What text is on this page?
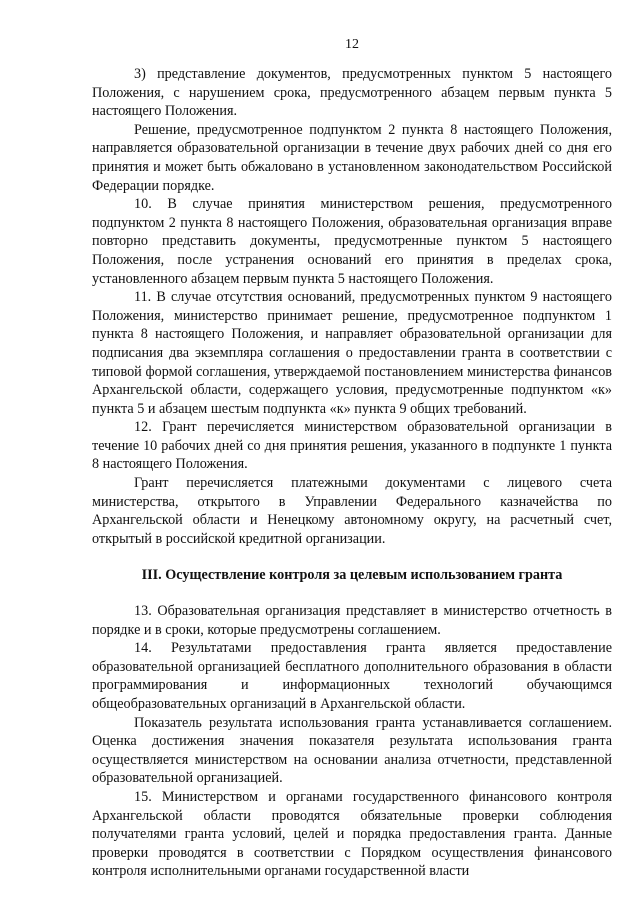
12

3) представление документов, предусмотренных пунктом 5 настоящего Положения, с нарушением срока, предусмотренного абзацем первым пункта 5 настоящего Положения.

Решение, предусмотренное подпунктом 2 пункта 8 настоящего Положения, направляется образовательной организации в течение двух рабочих дней со дня его принятия и может быть обжаловано в установленном законодательством Российской Федерации порядке.

10. В случае принятия министерством решения, предусмотренного подпунктом 2 пункта 8 настоящего Положения, образовательная организация вправе повторно представить документы, предусмотренные пунктом 5 настоящего Положения, после устранения оснований его принятия в пределах срока, установленного абзацем первым пункта 5 настоящего Положения.

11. В случае отсутствия оснований, предусмотренных пунктом 9 настоящего Положения, министерство принимает решение, предусмотренное подпунктом 1 пункта 8 настоящего Положения, и направляет образовательной организации для подписания два экземпляра соглашения о предоставлении гранта в соответствии с типовой формой соглашения, утверждаемой постановлением министерства финансов Архангельской области, содержащего условия, предусмотренные подпунктом «к» пункта 5 и абзацем шестым подпункта «к» пункта 9 общих требований.

12. Грант перечисляется министерством образовательной организации в течение 10 рабочих дней со дня принятия решения, указанного в подпункте 1 пункта 8 настоящего Положения.

Грант перечисляется платежными документами с лицевого счета министерства, открытого в Управлении Федерального казначейства по Архангельской области и Ненецкому автономному округу, на расчетный счет, открытый в российской кредитной организации.

III. Осуществление контроля за целевым использованием гранта

13. Образовательная организация представляет в министерство отчетность в порядке и в сроки, которые предусмотрены соглашением.

14. Результатами предоставления гранта является предоставление образовательной организацией бесплатного дополнительного образования в области программирования и информационных технологий обучающимся общеобразовательных организаций в Архангельской области.

Показатель результата использования гранта устанавливается соглашением. Оценка достижения значения показателя результата использования гранта осуществляется министерством на основании анализа отчетности, представленной образовательной организацией.

15. Министерством и органами государственного финансового контроля Архангельской области проводятся обязательные проверки соблюдения получателями гранта условий, целей и порядка предоставления гранта. Данные проверки проводятся в соответствии с Порядком осуществления финансового контроля исполнительными органами государственной власти
